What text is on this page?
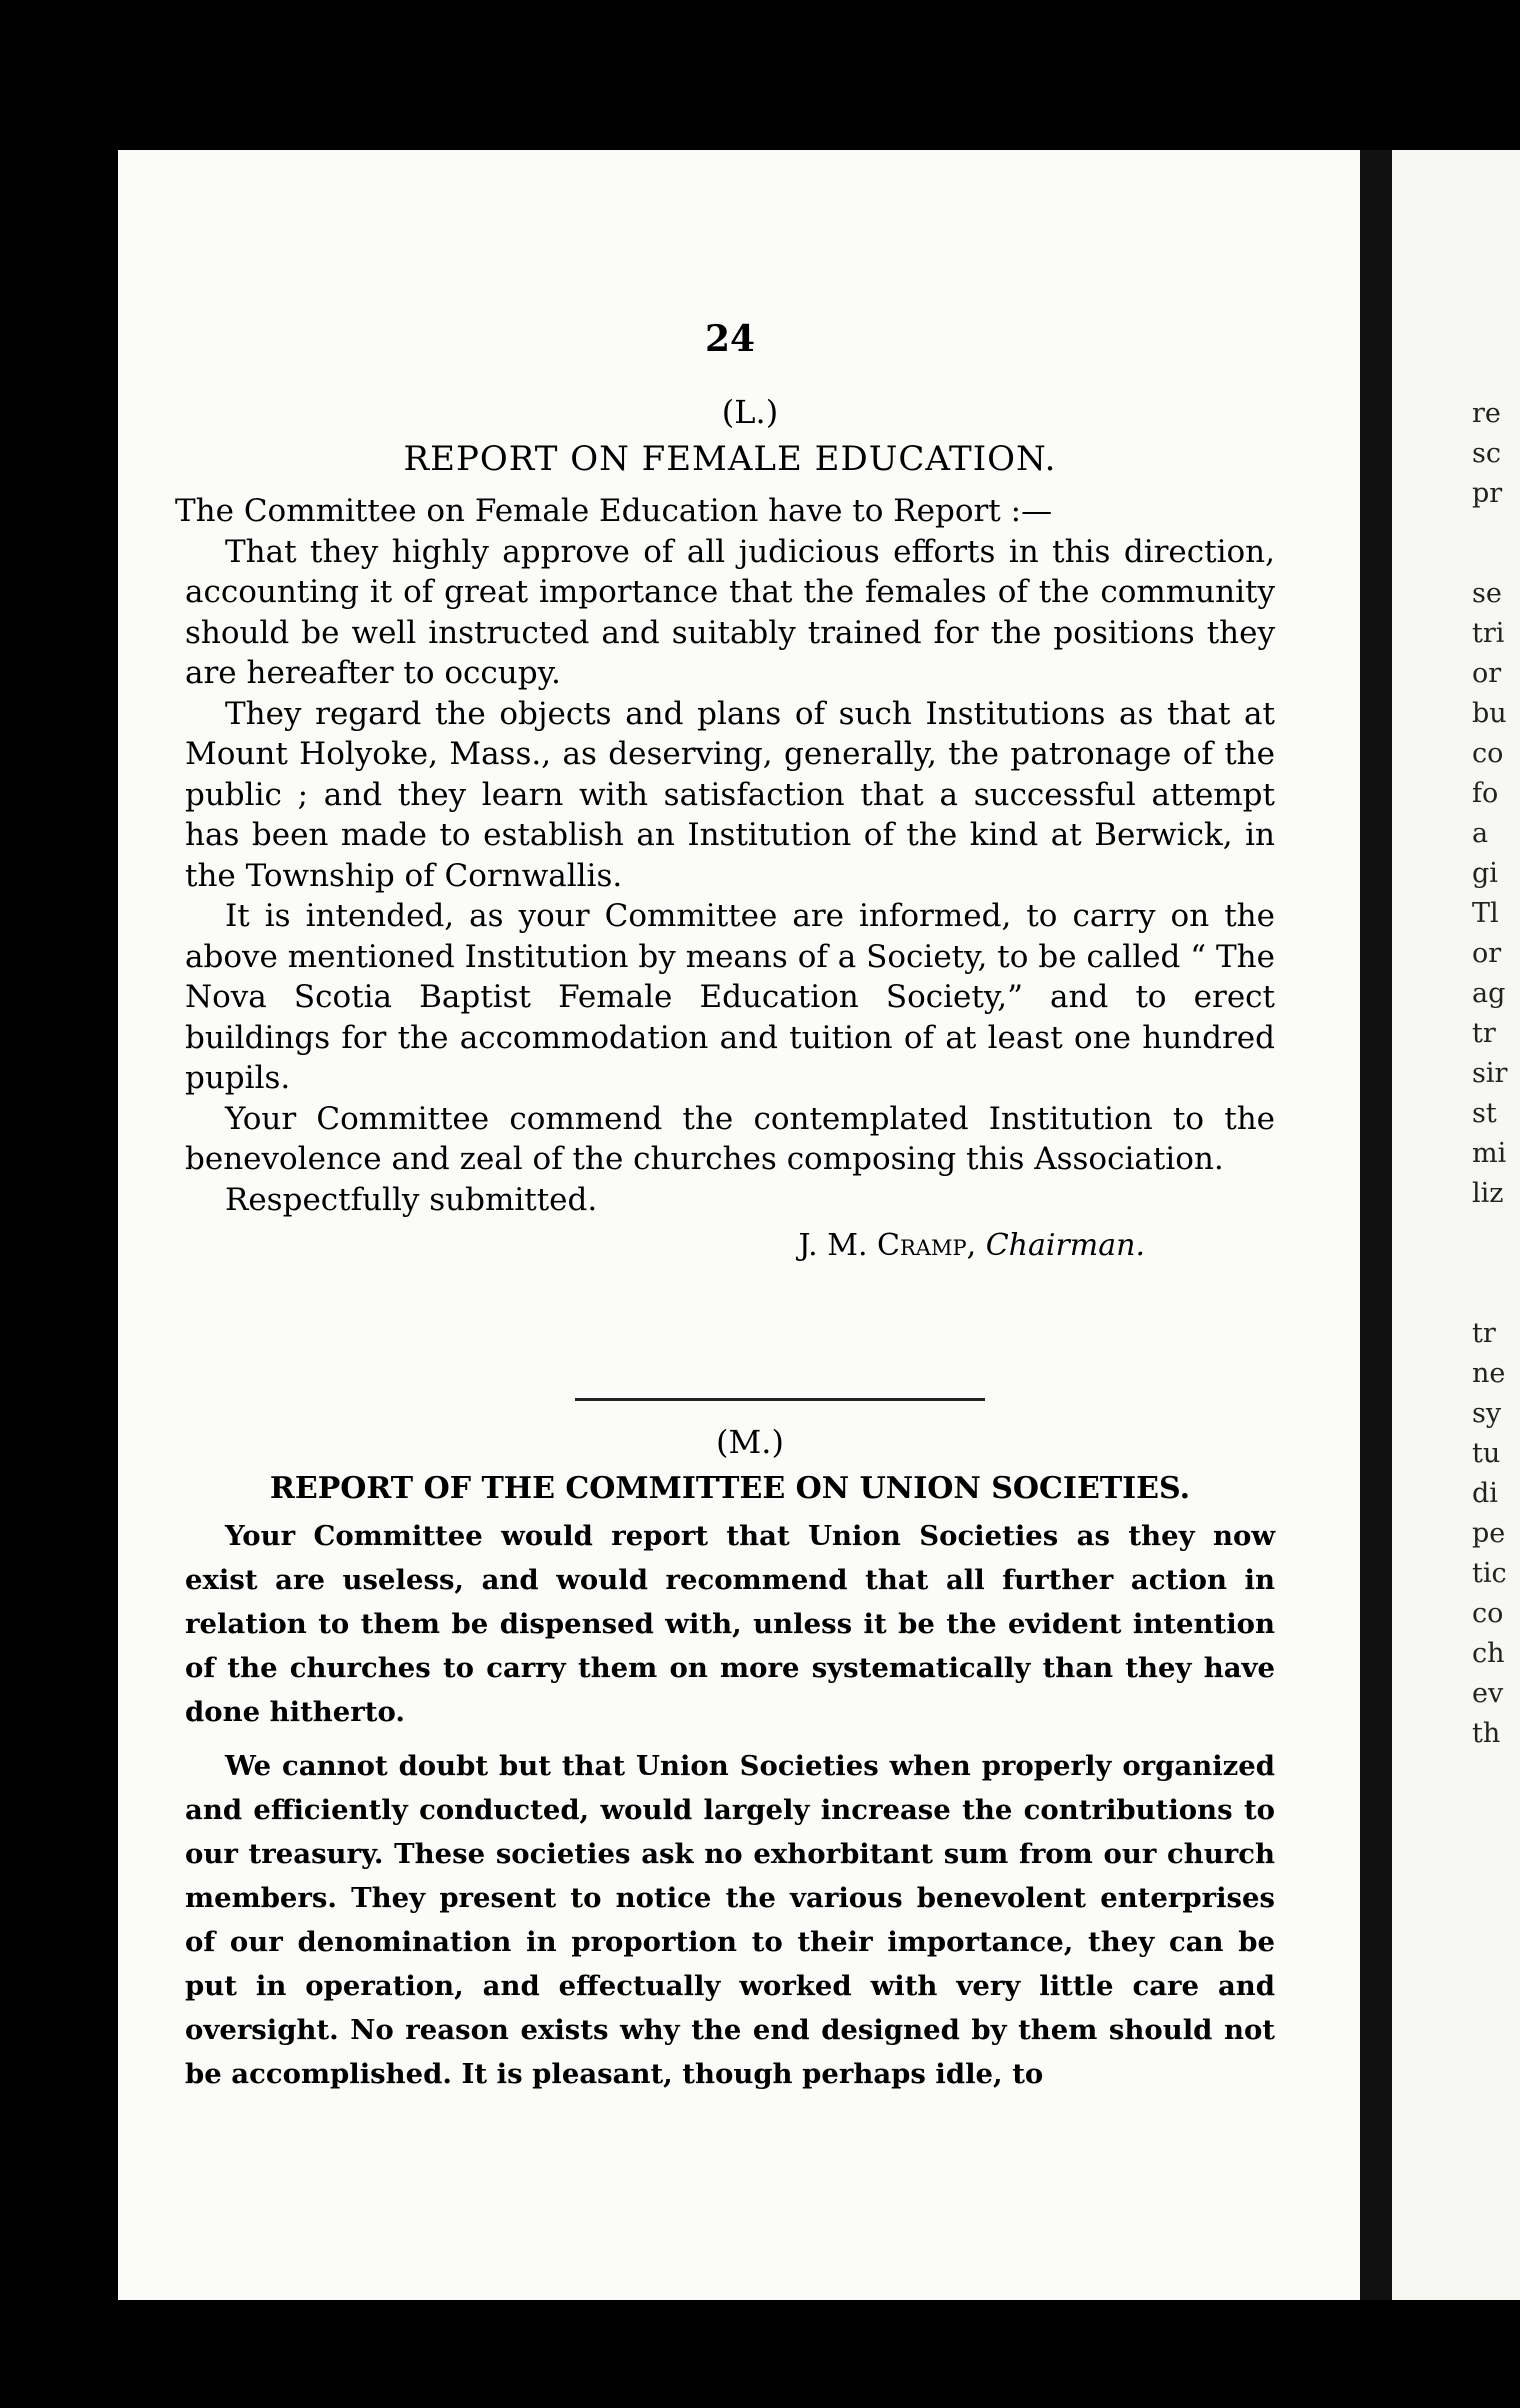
re
sc
pr
se
tri
or
bu
co
fo
a
gi
Tl
or
ag
tr
sir
st
mi
liz
tr
ne
sy
tu
di
pe
tic
co
ch
ev
th
24
(L.)
REPORT ON FEMALE EDUCATION.

The Committee on Female Education have to Report :—

That they highly approve of all judicious efforts in this direction, accounting it of great importance that the females of the community should be well instructed and suitably trained for the positions they are hereafter to occupy.

They regard the objects and plans of such Institutions as that at Mount Holyoke, Mass., as deserving, generally, the patronage of the public ; and they learn with satisfaction that a successful attempt has been made to establish an Institution of the kind at Berwick, in the Township of Cornwallis.

It is intended, as your Committee are informed, to carry on the above mentioned Institution by means of a Society, to be called “ The Nova Scotia Baptist Female Education Society,” and to erect buildings for the accommodation and tuition of at least one hundred pupils.

Your Committee commend the contemplated Institution to the benevolence and zeal of the churches composing this Association.

Respectfully submitted.

J. M. Cramp, Chairman.
(M.)
REPORT OF THE COMMITTEE ON UNION SOCIETIES.

Your Committee would report that Union Societies as they now exist are useless, and would recommend that all further action in relation to them be dispensed with, unless it be the evident intention of the churches to carry them on more systematically than they have done hitherto.

We cannot doubt but that Union Societies when properly organized and efficiently conducted, would largely increase the contributions to our treasury. These societies ask no exhorbitant sum from our church members. They present to notice the various benevolent enterprises of our denomination in proportion to their importance, they can be put in operation, and effectually worked with very little care and oversight. No reason exists why the end designed by them should not be accomplished. It is pleasant, though perhaps idle, to
